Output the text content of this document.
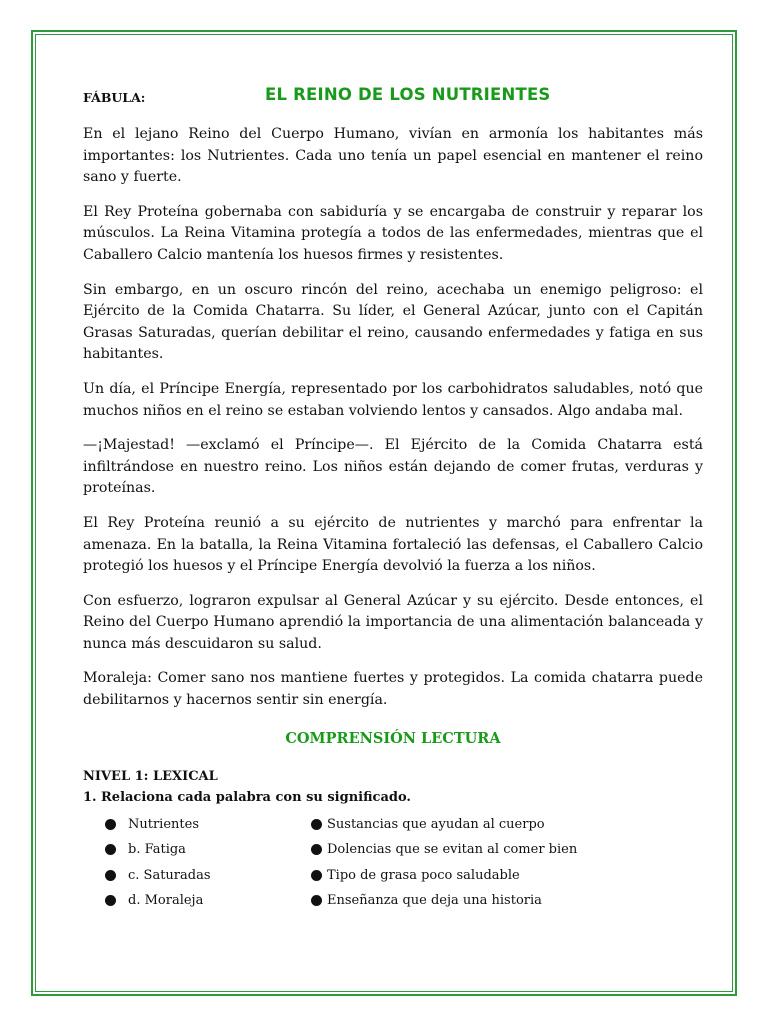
FÁBULA:	EL REINO DE LOS NUTRIENTES

En el lejano Reino del Cuerpo Humano, vivían en armonía los habitantes más importantes: los Nutrientes. Cada uno tenía un papel esencial en mantener el reino sano y fuerte.

El Rey Proteína gobernaba con sabiduría y se encargaba de construir y reparar los músculos. La Reina Vitamina protegía a todos de las enfermedades, mientras que el Caballero Calcio mantenía los huesos firmes y resistentes.

Sin embargo, en un oscuro rincón del reino, acechaba un enemigo peligroso: el Ejército de la Comida Chatarra. Su líder, el General Azúcar, junto con el Capitán Grasas Saturadas, querían debilitar el reino, causando enfermedades y fatiga en sus habitantes.

Un día, el Príncipe Energía, representado por los carbohidratos saludables, notó que muchos niños en el reino se estaban volviendo lentos y cansados. Algo andaba mal.

—¡Majestad! —exclamó el Príncipe—. El Ejército de la Comida Chatarra está infiltrándose en nuestro reino. Los niños están dejando de comer frutas, verduras y proteínas.

El Rey Proteína reunió a su ejército de nutrientes y marchó para enfrentar la amenaza. En la batalla, la Reina Vitamina fortaleció las defensas, el Caballero Calcio protegió los huesos y el Príncipe Energía devolvió la fuerza a los niños.

Con esfuerzo, lograron expulsar al General Azúcar y su ejército. Desde entonces, el Reino del Cuerpo Humano aprendió la importancia de una alimentación balanceada y nunca más descuidaron su salud.

Moraleja: Comer sano nos mantiene fuertes y protegidos. La comida chatarra puede debilitarnos y hacernos sentir sin energía.

COMPRENSIÓN LECTURA
NIVEL 1: LEXICAL
1. Relaciona cada palabra con su significado.
Nutrientes	Sustancias que ayudan al cuerpo
b. Fatiga	Dolencias que se evitan al comer bien
c. Saturadas	Tipo de grasa poco saludable
d. Moraleja	Enseñanza que deja una historia
